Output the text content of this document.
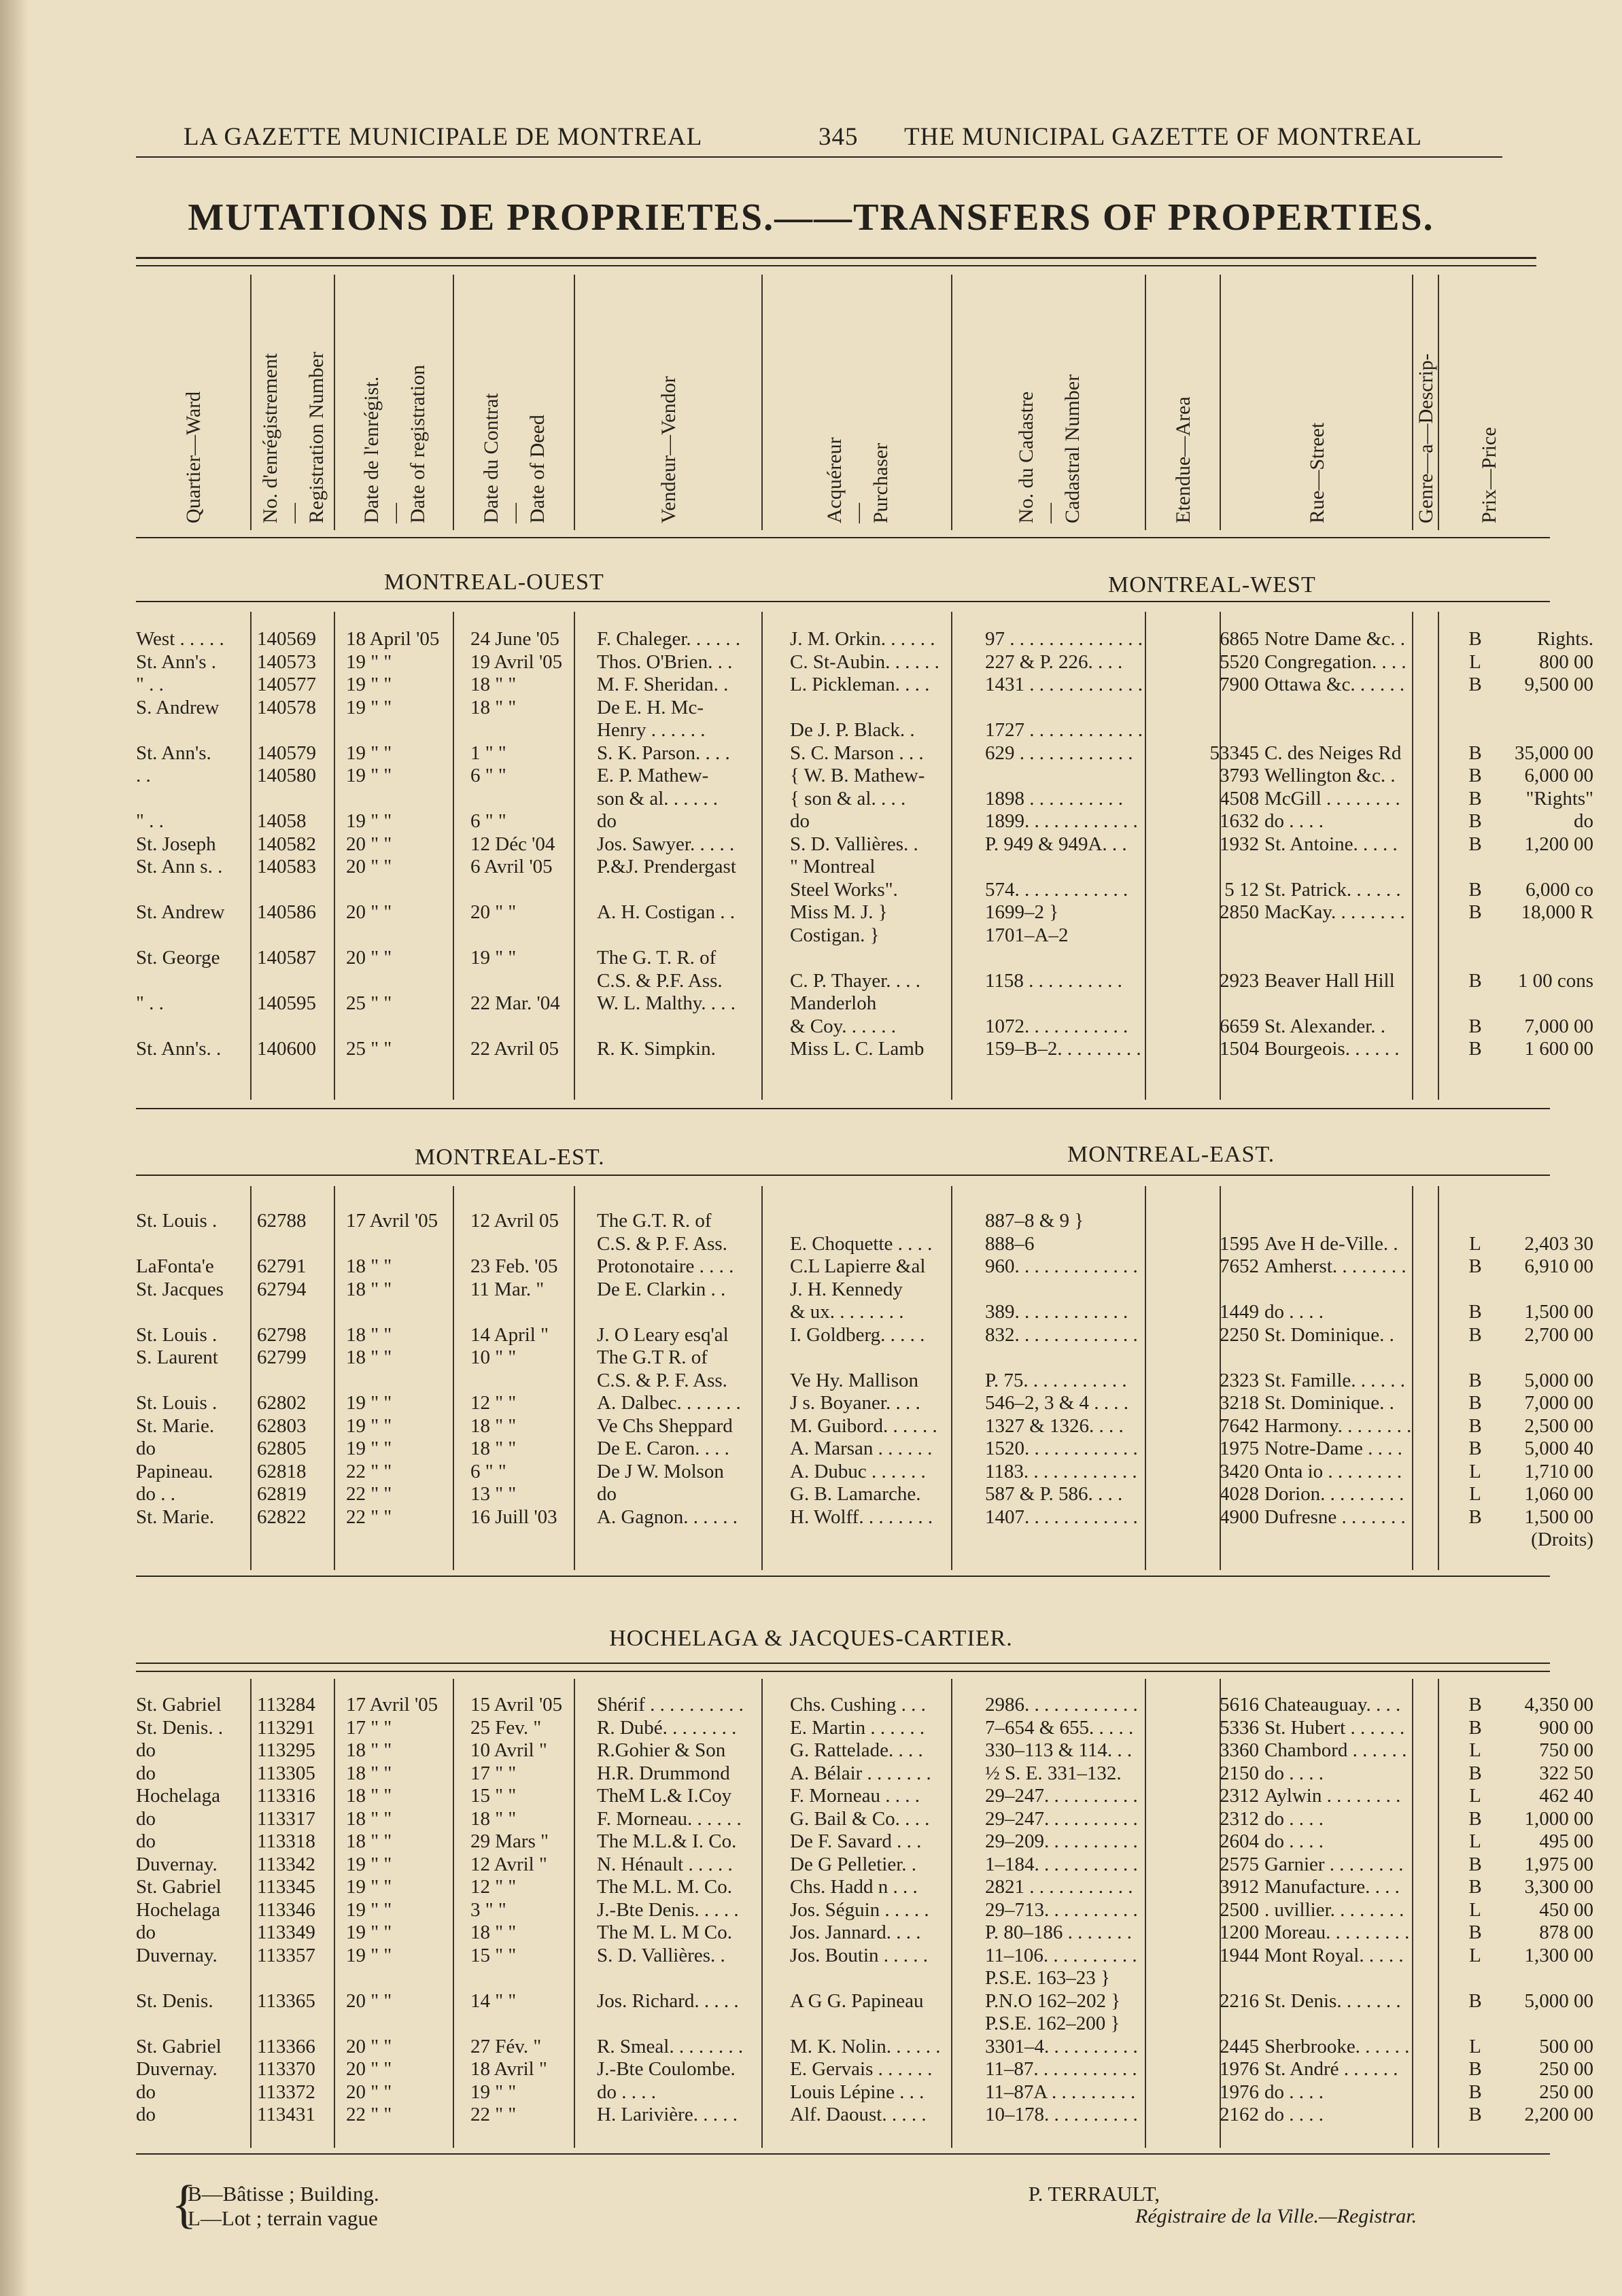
LA GAZETTE MUNICIPALE DE MONTREAL	345 THE MUNICIPAL GAZETTE OF MONTREAL
MUTATIONS DE PROPRIETES.——TRANSFERS OF PROPERTIES.
Quartier—Ward	No. d'enrégistrement — Registration Number Date de l'enrégist. — Date of registration	Date du Contrat — Date of Deed	Vendeur—Vendor	Acquéreur — Purchaser	No. du Cadastre — Cadastral Number	Etendue—Area	Rue—Street	Genre—a—Descrip- Prix—Price
MONTREAL-OUEST	MONTREAL-WEST
West . . . . .	140569	18 April '05	24 June '05	F. Chaleger. . . . . .	J. M. Orkin. . . . . .	97 . . . . . . . . . . . . . .	6865	Notre Dame &c. .	B	Rights.
St. Ann's .	140573	19 " "	19 Avril '05	Thos. O'Brien. . .	C. St-Aubin. . . . . .	227 & P. 226. . . .	5520	Congregation. . . .	L	800 00
" . .	140577	19 " "	18 " "	M. F. Sheridan. .	L. Pickleman. . . .	1431 . . . . . . . . . . . .	7900	Ottawa &c. . . . . .	B	9,500 00
S. Andrew	140578	19 " "	18 " "	De E. H. Mc-						
				Henry . . . . . .	De J. P. Black. .	1727 . . . . . . . . . . . .				
St. Ann's.	140579	19 " "	1 " "	S. K. Parson. . . .	S. C. Marson . . .	629 . . . . . . . . . . . .	53345	C. des Neiges Rd	B	35,000 00
. .	140580	19 " "	6 " "	E. P. Mathew-	{ W. B. Mathew-		3793	Wellington &c. .	B	6,000 00
				son & al. . . . . .	{ son & al. . . .	1898 . . . . . . . . . .	4508	McGill . . . . . . . .	B	"Rights"
" . .	14058	19 " "	6 " "	do	do	1899. . . . . . . . . . . .	1632	do . . . .	B	do
St. Joseph	140582	20 " "	12 Déc '04	Jos. Sawyer. . . . .	S. D. Vallières. .	P. 949 & 949A. . .	1932	St. Antoine. . . . .	B	1,200 00
St. Ann s. .	140583	20 " "	6 Avril '05	P.&J. Prendergast	" Montreal					
					Steel Works".	574. . . . . . . . . . . .	5 12	St. Patrick. . . . . .	B	6,000 co
St. Andrew	140586	20 " "	20 " "	A. H. Costigan . .	Miss M. J. }	1699–2 }	2850	MacKay. . . . . . . .	B	18,000 R
					Costigan. }	1701–A–2				
St. George	140587	20 " "	19 " "	The G. T. R. of						
				C.S. & P.F. Ass.	C. P. Thayer. . . .	1158 . . . . . . . . . .	2923	Beaver Hall Hill	B	1 00 cons
" . .	140595	25 " "	22 Mar. '04	W. L. Malthy. . . .	Manderloh					
					& Coy. . . . . .	1072. . . . . . . . . . .	6659	St. Alexander. .	B	7,000 00
St. Ann's. .	140600	25 " "	22 Avril 05	R. K. Simpkin.	Miss L. C. Lamb	159–B–2. . . . . . . . .	1504	Bourgeois. . . . . .	B	1 600 00
MONTREAL-EST.	MONTREAL-EAST.
St. Louis .	62788	17 Avril '05	12 Avril 05	The G.T. R. of		887–8 & 9 }				
				C.S. & P. F. Ass.	E. Choquette . . . .	888–6	1595	Ave H de-Ville. .	L	2,403 30
LaFonta'e	62791	18 " "	23 Feb. '05	Protonotaire . . . .	C.L Lapierre &al	960. . . . . . . . . . . . .	7652	Amherst. . . . . . . .	B	6,910 00
St. Jacques	62794	18 " "	11 Mar. "	De E. Clarkin . .	J. H. Kennedy					
					& ux. . . . . . . .	389. . . . . . . . . . . .	1449	do . . . .	B	1,500 00
St. Louis .	62798	18 " "	14 April "	J. O Leary esq'al	I. Goldberg. . . . .	832. . . . . . . . . . . . .	2250	St. Dominique. .	B	2,700 00
S. Laurent	62799	18 " "	10 " "	The G.T R. of						
				C.S. & P. F. Ass.	Ve Hy. Mallison	P. 75. . . . . . . . . . .	2323	St. Famille. . . . . .	B	5,000 00
St. Louis .	62802	19 " "	12 " "	A. Dalbec. . . . . . .	J s. Boyaner. . . .	546–2, 3 & 4 . . . .	3218	St. Dominique. .	B	7,000 00
St. Marie.	62803	19 " "	18 " "	Ve Chs Sheppard	M. Guibord. . . . . .	1327 & 1326. . . .	7642	Harmony. . . . . . . .	B	2,500 00
do	62805	19 " "	18 " "	De E. Caron. . . .	A. Marsan . . . . . .	1520. . . . . . . . . . . .	1975	Notre-Dame . . . .	B	5,000 40
Papineau.	62818	22 " "	6 " "	De J W. Molson	A. Dubuc . . . . . .	1183. . . . . . . . . . . .	3420	Onta io . . . . . . . .	L	1,710 00
do . .	62819	22 " "	13 " "	do	G. B. Lamarche.	587 & P. 586. . . .	4028	Dorion. . . . . . . . .	L	1,060 00
St. Marie.	62822	22 " "	16 Juill '03	A. Gagnon. . . . . .	H. Wolff. . . . . . . .	1407. . . . . . . . . . . .	4900	Dufresne . . . . . . .	B	1,500 00
										(Droits)
HOCHELAGA & JACQUES-CARTIER.
St. Gabriel	113284	17 Avril '05	15 Avril '05	Shérif . . . . . . . . . .	Chs. Cushing . . .	2986. . . . . . . . . . . .	5616	Chateauguay. . . .	B	4,350 00
St. Denis. .	113291	17 " "	25 Fev. "	R. Dubé. . . . . . . .	E. Martin . . . . . .	7–654 & 655. . . . .	5336	St. Hubert . . . . . .	B	900 00
do	113295	18 " "	10 Avril "	R.Gohier & Son	G. Rattelade. . . .	330–113 & 114. . .	3360	Chambord . . . . . .	L	750 00
do	113305	18 " "	17 " "	H.R. Drummond	A. Bélair . . . . . . .	½ S. E. 331–132.	2150	do . . . .	B	322 50
Hochelaga	113316	18 " "	15 " "	TheM L.& I.Coy	F. Morneau . . . .	29–247. . . . . . . . . .	2312	Aylwin . . . . . . . .	L	462 40
do	113317	18 " "	18 " "	F. Morneau. . . . . .	G. Bail & Co. . . .	29–247. . . . . . . . . .	2312	do . . . .	B	1,000 00
do	113318	18 " "	29 Mars "	The M.L.& I. Co.	De F. Savard . . .	29–209. . . . . . . . . .	2604	do . . . .	L	495 00
Duvernay.	113342	19 " "	12 Avril "	N. Hénault . . . . .	De G Pelletier. .	1–184. . . . . . . . . . .	2575	Garnier . . . . . . . .	B	1,975 00
St. Gabriel	113345	19 " "	12 " "	The M.L. M. Co.	Chs. Hadd n . . .	2821 . . . . . . . . . . .	3912	Manufacture. . . .	B	3,300 00
Hochelaga	113346	19 " "	3 " "	J.-Bte Denis. . . . .	Jos. Séguin . . . . .	29–713. . . . . . . . . .	2500	. uvillier. . . . . . . .	L	450 00
do	113349	19 " "	18 " "	The M. L. M Co.	Jos. Jannard. . . .	P. 80–186 . . . . . . .	1200	Moreau. . . . . . . . .	B	878 00
Duvernay.	113357	19 " "	15 " "	S. D. Vallières. .	Jos. Boutin . . . . .	11–106. . . . . . . . . .	1944	Mont Royal. . . . .	L	1,300 00
						P.S.E. 163–23 }				
St. Denis.	113365	20 " "	14 " "	Jos. Richard. . . . .	A G G. Papineau	P.N.O 162–202 }	2216	St. Denis. . . . . . .	B	5,000 00
						P.S.E. 162–200 }				
St. Gabriel	113366	20 " "	27 Fév. "	R. Smeal. . . . . . . .	M. K. Nolin. . . . . .	3301–4. . . . . . . . . .	2445	Sherbrooke. . . . . .	L	500 00
Duvernay.	113370	20 " "	18 Avril "	J.-Bte Coulombe.	E. Gervais . . . . . .	11–87. . . . . . . . . . .	1976	St. André . . . . . .	B	250 00
do	113372	20 " "	19 " "	do . . . .	Louis Lépine . . .	11–87A . . . . . . . . .	1976	do . . . .	B	250 00
do	113431	22 " "	22 " "	H. Larivière. . . . .	Alf. Daoust. . . . .	10–178. . . . . . . . . .	2162	do . . . .	B	2,200 00
{
B—Bâtisse ; Building.
L—Lot ; terrain vague
P. TERRAULT,
Régistraire de la Ville.—Registrar.
